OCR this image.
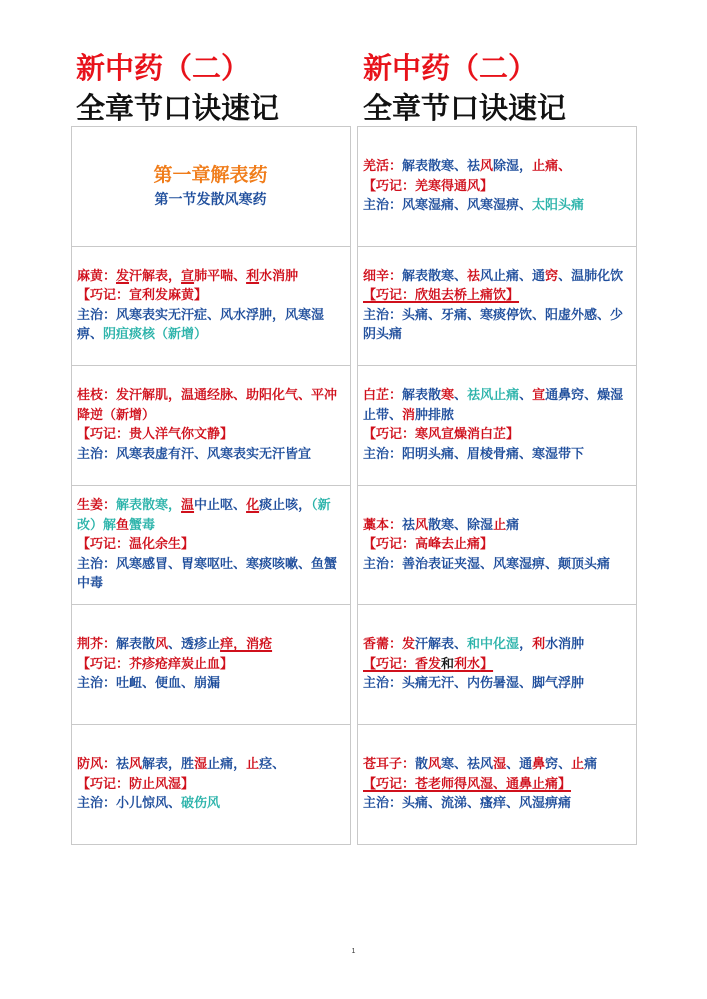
新中药（二）
全章节口诀速记
新中药（二）
全章节口诀速记
第一章解表药
第一节发散风寒药
麻黄：发汗解表，宣肺平喘、利水消肿
【巧记：宣利发麻黄】
主治：风寒表实无汗症、风水浮肿，风寒湿痹、阴疽痰核（新增）
桂枝：发汗解肌，温通经脉、助阳化气、平冲降逆（新增）
【巧记：贵人洋气你文静】
主治：风寒表虚有汗、风寒表实无汗皆宜
生姜：解表散寒，温中止呕、化痰止咳，（新改）解鱼蟹毒
【巧记：温化余生】
主治：风寒感冒、胃寒呕吐、寒痰咳嗽、鱼蟹中毒
荆芥：解表散风、透疹止痒，消疮
【巧记：芥疹疮痒炭止血】
主治：吐衄、便血、崩漏
防风：祛风解表，胜湿止痛，止痉、
【巧记：防止风湿】
主治：小儿惊风、破伤风
羌活：解表散寒、祛风除湿，止痛、
【巧记：羌寒得通风】
主治：风寒湿痛、风寒湿痹、太阳头痛
细辛：解表散寒、祛风止痛、通窍、温肺化饮
【巧记：欣姐去桥上痛饮】
主治：头痛、牙痛、寒痰停饮、阳虚外感、少阴头痛
白芷：解表散寒、祛风止痛、宣通鼻窍、燥湿止带、消肿排脓
【巧记：寒风宣燥消白芷】
主治：阳明头痛、眉棱骨痛、寒湿带下
藁本：祛风散寒、除湿止痛
【巧记：高峰去止痛】
主治：善治表证夹湿、风寒湿痹、颠顶头痛
香薷：发汗解表、和中化湿，利水消肿
【巧记：香发和利水】
主治：头痛无汗、内伤暑湿、脚气浮肿
苍耳子：散风寒、祛风湿、通鼻窍、止痛
【巧记：苍老师得风湿、通鼻止痛】
主治：头痛、流涕、瘙痒、风湿痹痛
1
